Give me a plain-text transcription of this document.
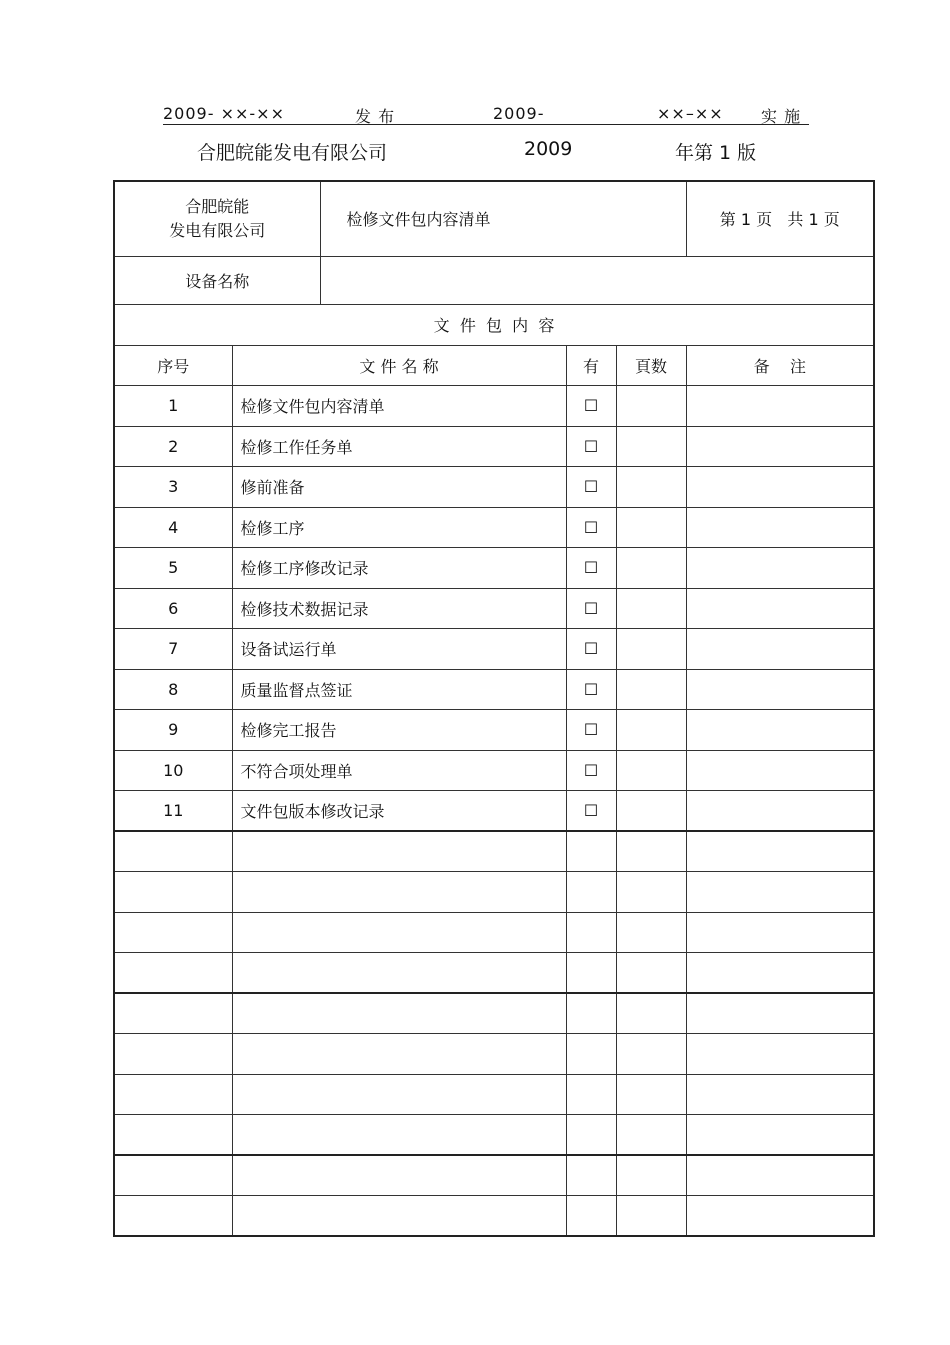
2009- ××-××	发 布	2009-	××–×× 实 施
合肥皖能发电有限公司	2009	年第 1 版
合肥皖能
发电有限公司		检修文件包内容清单			第 1 页   共 1 页
设备名称					
文  件  包  内  容					
序号	文 件 名 称		有	頁数	备    注
1	检修文件包内容清单		☐		
2	检修工作任务单		☐		
3	修前准备		☐		
4	检修工序		☐		
5	检修工序修改记录		☐		
6	检修技术数据记录		☐		
7	设备试运行单		☐		
8	质量监督点签证		☐		
9	检修完工报告		☐		
10	不符合项处理单		☐		
11	文件包版本修改记录		☐		
